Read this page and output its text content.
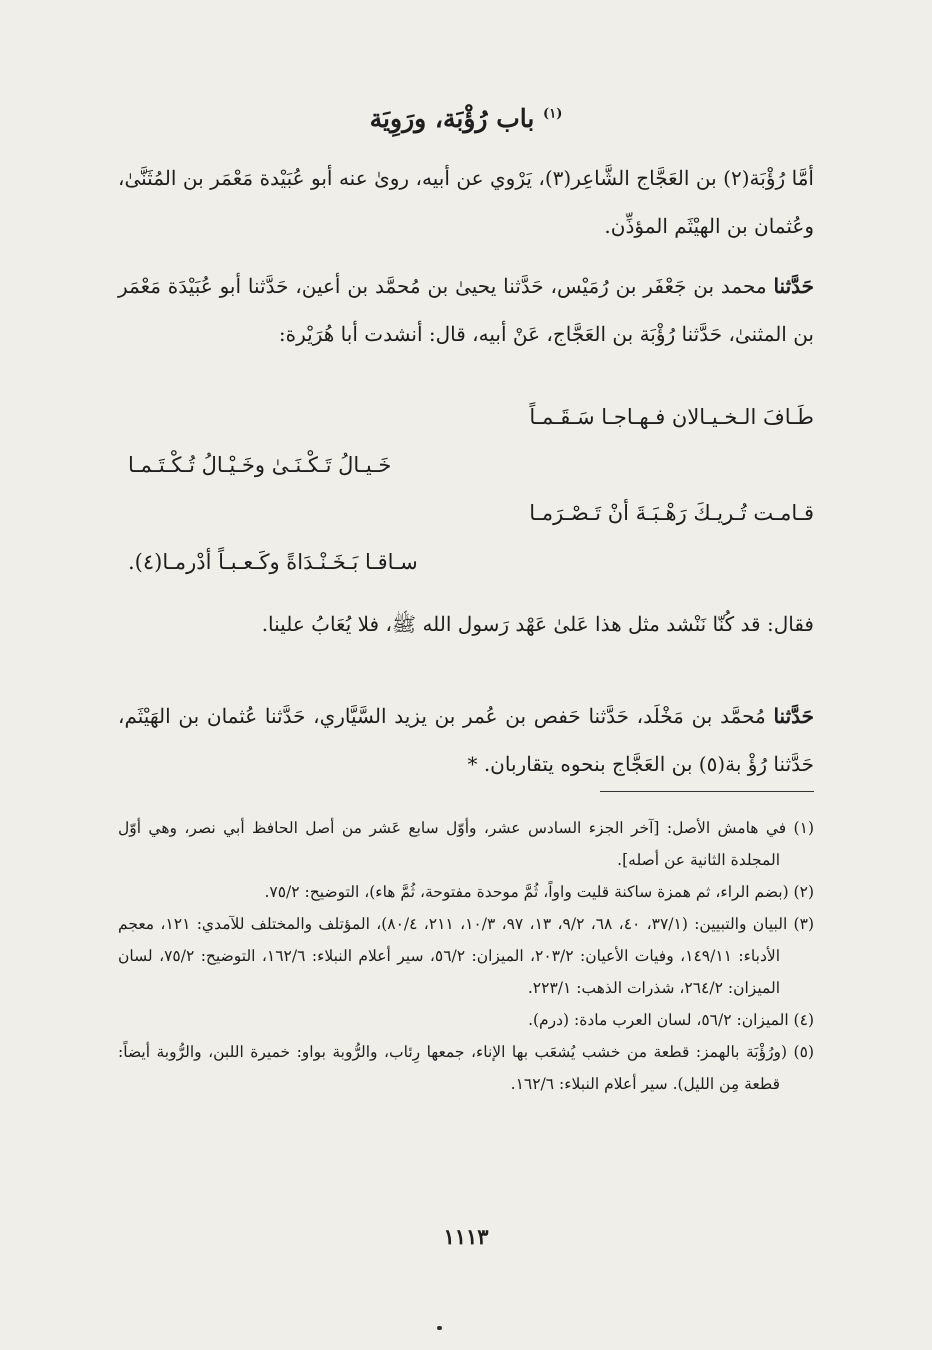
$^{(١)}$ باب رُؤْبَة، ورَوِيَة
أمَّا رُؤْبَة(٢) بن العَجَّاج الشَّاعِر(٣)، يَرْوي عن أبيه، روىٰ عنه أبو عُبَيْدة مَعْمَر بن المُثَنَّىٰ، وعُثمان بن الهيْثَم المؤذِّن.
حَدَّثنا محمد بن جَعْفَر بن رُمَيْس، حَدَّثنا يحيىٰ بن مُحمَّد بن أعين، حَدَّثنا أبو عُبَيْدَة مَعْمَر بن المثنىٰ، حَدَّثنا رُؤْبَة بن العَجَّاج، عَنْ أبيه، قال: أنشدت أبا هُرَيْرة:
طَـافَ الـخـيـالان فـهـاجـا سَـقَـمـاً
خَـيـالُ تَـكْـنَـىٰ وخَـيْـالُ تُـكْـتَـمـا
قـامـت تُـريـكَ رَهْـبَـةَ أنْ تَـصْـرَمـا
سـاقـا بَـخَـنْـدَاةً وكَـعـبـاً أدْرمـا(٤).
فقال: قد كُنّا نَنْشد مثل هذا عَلىٰ عَهْد رَسول الله ﷺ، فلا يُعَابُ علينا.
حَدَّثنا مُحمَّد بن مَخْلَد، حَدَّثنا حَفص بن عُمر بن يزيد السَّيَّاري، حَدَّثنا عُثمان بن الهَيْثَم، حَدَّثنا رُؤْ بة(٥) بن العَجَّاج بنحوه يتقاربان. *

(١) في هامش الأصل: [آخر الجزء السادس عشر، وأوّل سابع عَشر من أصل الحافظ أبي نصر، وهي أوّل المجلدة الثانية عن أصله].

(٢) (بضم الراء، ثم همزة ساكنة قليت واواً، ثُمَّ موحدة مفتوحة، ثُمَّ هاء)، التوضيح: ٧٥/٢.

(٣) البيان والتبيين: (٣٧/١، ٤٠، ٦٨، ٩/٢، ١٣، ٩٧، ١٠/٣، ٢١١، ٨٠/٤)، المؤتلف والمختلف للآمدي: ١٢١، معجم الأدباء: ١٤٩/١١، وفيات الأعيان: ٢٠٣/٢، الميزان: ٥٦/٢، سير أعلام النبلاء: ١٦٢/٦، التوضيح: ٧٥/٢، لسان الميزان: ٢٦٤/٢، شذرات الذهب: ٢٢٣/١.

(٤) الميزان: ٥٦/٢، لسان العرب مادة: (درم).

(٥) (ورُؤْبَة بالهمز: قطعة من خشب يُشعَب بها الإناء، جمعها رِئاب، والرُّوبة بواو: خميرة اللبن، والرُّوبة أيضاً: قطعة مِن الليل). سير أعلام النبلاء: ١٦٢/٦.

١١١٣
